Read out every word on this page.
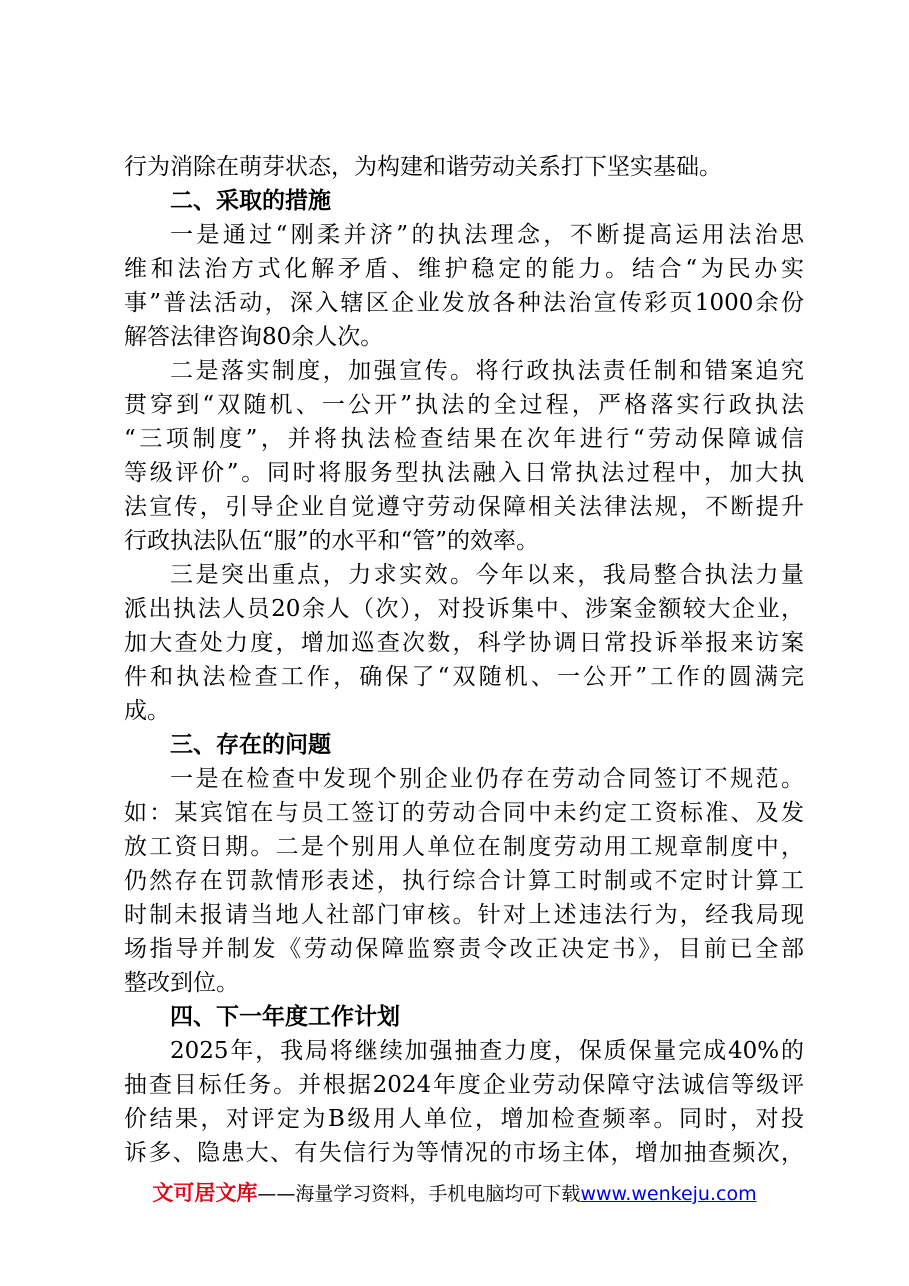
行为消除在萌芽状态，为构建和谐劳动关系打下坚实基础。
二、采取的措施
一是通过“刚柔并济”的执法理念，不断提高运用法治思
维和法治方式化解矛盾、维护稳定的能力。结合“为民办实
事”普法活动，深入辖区企业发放各种法治宣传彩页1000余份
解答法律咨询80余人次。
二是落实制度，加强宣传。将行政执法责任制和错案追究
贯穿到“双随机、一公开”执法的全过程，严格落实行政执法
“三项制度”，并将执法检查结果在次年进行“劳动保障诚信
等级评价”。同时将服务型执法融入日常执法过程中，加大执
法宣传，引导企业自觉遵守劳动保障相关法律法规，不断提升
行政执法队伍“服”的水平和“管”的效率。
三是突出重点，力求实效。今年以来，我局整合执法力量
派出执法人员20余人（次），对投诉集中、涉案金额较大企业，
加大查处力度，增加巡查次数，科学协调日常投诉举报来访案
件和执法检查工作，确保了“双随机、一公开”工作的圆满完
成。
三、存在的问题
一是在检查中发现个别企业仍存在劳动合同签订不规范。
如：某宾馆在与员工签订的劳动合同中未约定工资标准、及发
放工资日期。二是个别用人单位在制度劳动用工规章制度中，
仍然存在罚款情形表述，执行综合计算工时制或不定时计算工
时制未报请当地人社部门审核。针对上述违法行为，经我局现
场指导并制发《劳动保障监察责令改正决定书》，目前已全部
整改到位。
四、下一年度工作计划
2025年，我局将继续加强抽查力度，保质保量完成40%的
抽查目标任务。并根据2024年度企业劳动保障守法诚信等级评
价结果，对评定为B级用人单位，增加检查频率。同时，对投
诉多、隐患大、有失信行为等情况的市场主体，增加抽查频次，
文可居文库——海量学习资料，手机电脑均可下载www.wenkeju.com
